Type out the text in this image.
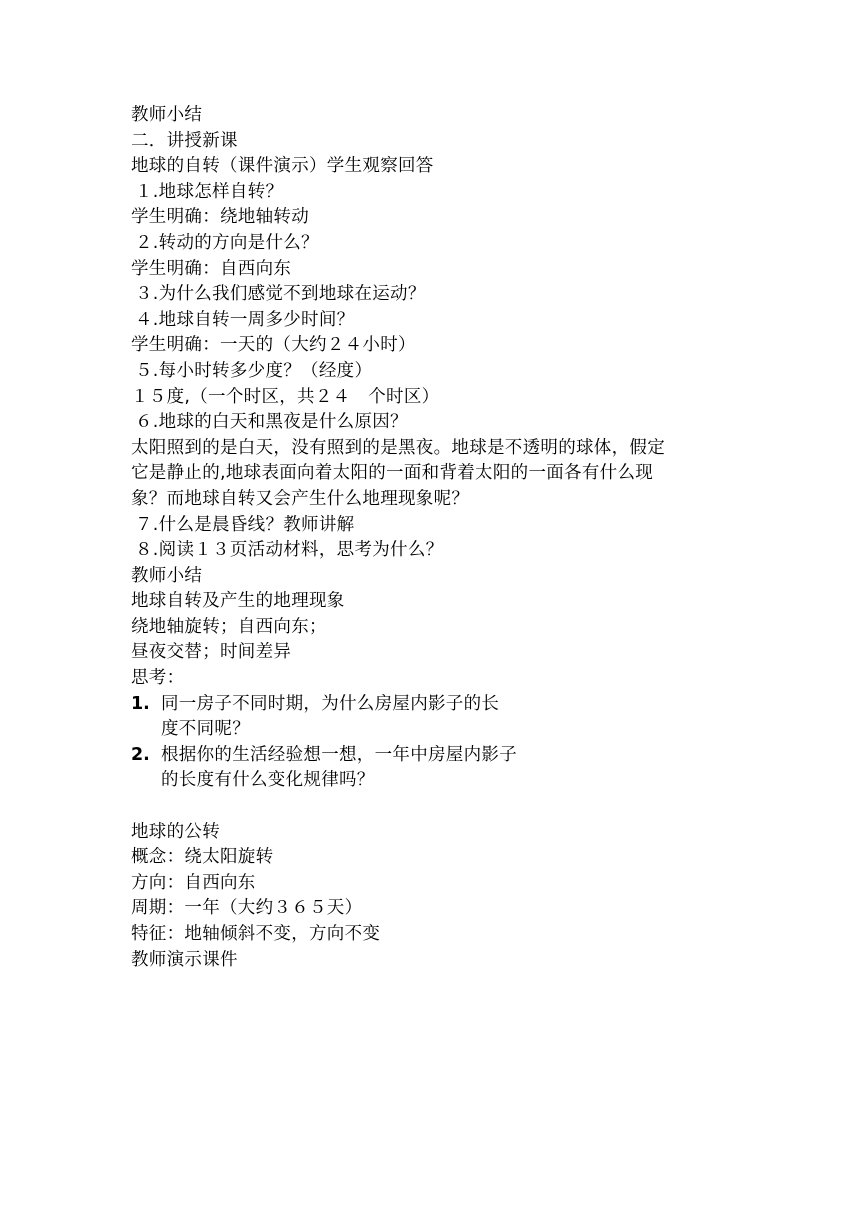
教师小结
二．讲授新课
地球的自转（课件演示）学生观察回答
１.地球怎样自转？
学生明确：绕地轴转动
２.转动的方向是什么？
学生明确：自西向东
３.为什么我们感觉不到地球在运动？
４.地球自转一周多少时间？
学生明确：一天的（大约２４小时）
５.每小时转多少度？（经度）
１５度,（一个时区，共２４　个时区）
６.地球的白天和黑夜是什么原因？
太阳照到的是白天，没有照到的是黑夜。地球是不透明的球体，假定
它是静止的,地球表面向着太阳的一面和背着太阳的一面各有什么现
象？而地球自转又会产生什么地理现象呢？
７.什么是晨昏线？教师讲解
８.阅读１３页活动材料，思考为什么？
教师小结
地球自转及产生的地理现象
绕地轴旋转；自西向东；
昼夜交替；时间差异
思考：
1. 同一房子不同时期，为什么房屋内影子的长
度不同呢？
2. 根据你的生活经验想一想，一年中房屋内影子
的长度有什么变化规律吗？
地球的公转
概念：绕太阳旋转
方向：自西向东
周期：一年（大约３６５天）
特征：地轴倾斜不变，方向不变
教师演示课件
